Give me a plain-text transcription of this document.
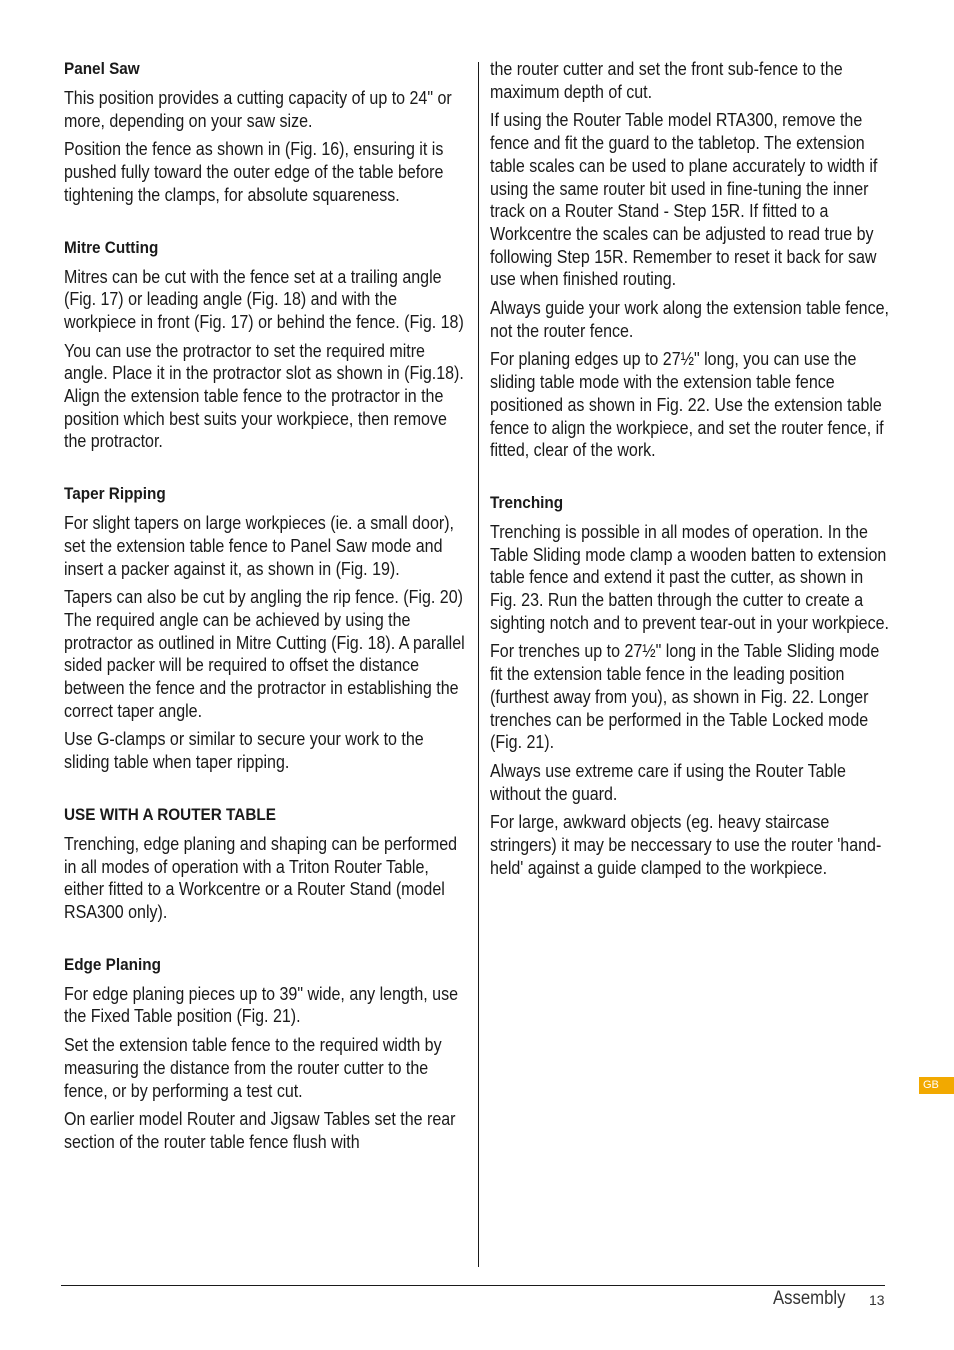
Panel Saw

This position provides a cutting capacity of up to 24" or more, depending on your saw size.

Position the fence as shown in (Fig. 16), ensuring it is pushed fully toward the outer edge of the table before tightening the clamps, for absolute squareness.

Mitre Cutting

Mitres can be cut with the fence set at a trailing angle (Fig. 17) or leading angle (Fig. 18) and with the workpiece in front (Fig. 17) or behind the fence. (Fig. 18)

You can use the protractor to set the required mitre angle. Place it in the protractor slot as shown in (Fig.18). Align the extension table fence to the protractor in the position which best suits your workpiece, then remove the protractor.

Taper Ripping

For slight tapers on large workpieces (ie. a small door), set the extension table fence to Panel Saw mode and insert a packer against it, as shown in (Fig. 19).

Tapers can also be cut by angling the rip fence. (Fig. 20) The required angle can be achieved by using the protractor as outlined in Mitre Cutting (Fig. 18). A parallel sided packer will be required to offset the distance between the fence and the protractor in establishing the correct taper angle.

Use G-clamps or similar to secure your work to the sliding table when taper ripping.

USE WITH A ROUTER TABLE

Trenching, edge planing and shaping can be performed in all modes of operation with a Triton Router Table, either fitted to a Workcentre or a Router Stand (model RSA300 only).

Edge Planing

For edge planing pieces up to 39" wide, any length, use the Fixed Table position (Fig. 21).

Set the extension table fence to the required width by measuring the distance from the router cutter to the fence, or by performing a test cut.

On earlier model Router and Jigsaw Tables set the rear section of the router table fence flush with

the router cutter and set the front sub-fence to the maximum depth of cut.

If using the Router Table model RTA300, remove the fence and fit the guard to the tabletop. The extension table scales can be used to plane accurately to width if using the same router bit used in fine-tuning the inner track on a Router Stand - Step 15R. If fitted to a Workcentre the scales can be adjusted to read true by following Step 15R. Remember to reset it back for saw use when finished routing.

Always guide your work along the extension table fence, not the router fence.

For planing edges up to 27½" long, you can use the sliding table mode with the extension table fence positioned as shown in Fig. 22. Use the extension table fence to align the workpiece, and set the router fence, if fitted, clear of the work.

Trenching

Trenching is possible in all modes of operation. In the Table Sliding mode clamp a wooden batten to extension table fence and extend it past the cutter, as shown in Fig. 23. Run the batten through the cutter to create a sighting notch and to prevent tear-out in your workpiece.

For trenches up to 27½" long in the Table Sliding mode fit the extension table fence in the leading position (furthest away from you), as shown in Fig. 22. Longer trenches can be performed in the Table Locked mode (Fig. 21).

Always use extreme care if using the Router Table without the guard.

For large, awkward objects (eg. heavy staircase stringers) it may be neccessary to use the router 'hand-held' against a guide clamped to the workpiece.

GB
Assembly 13
